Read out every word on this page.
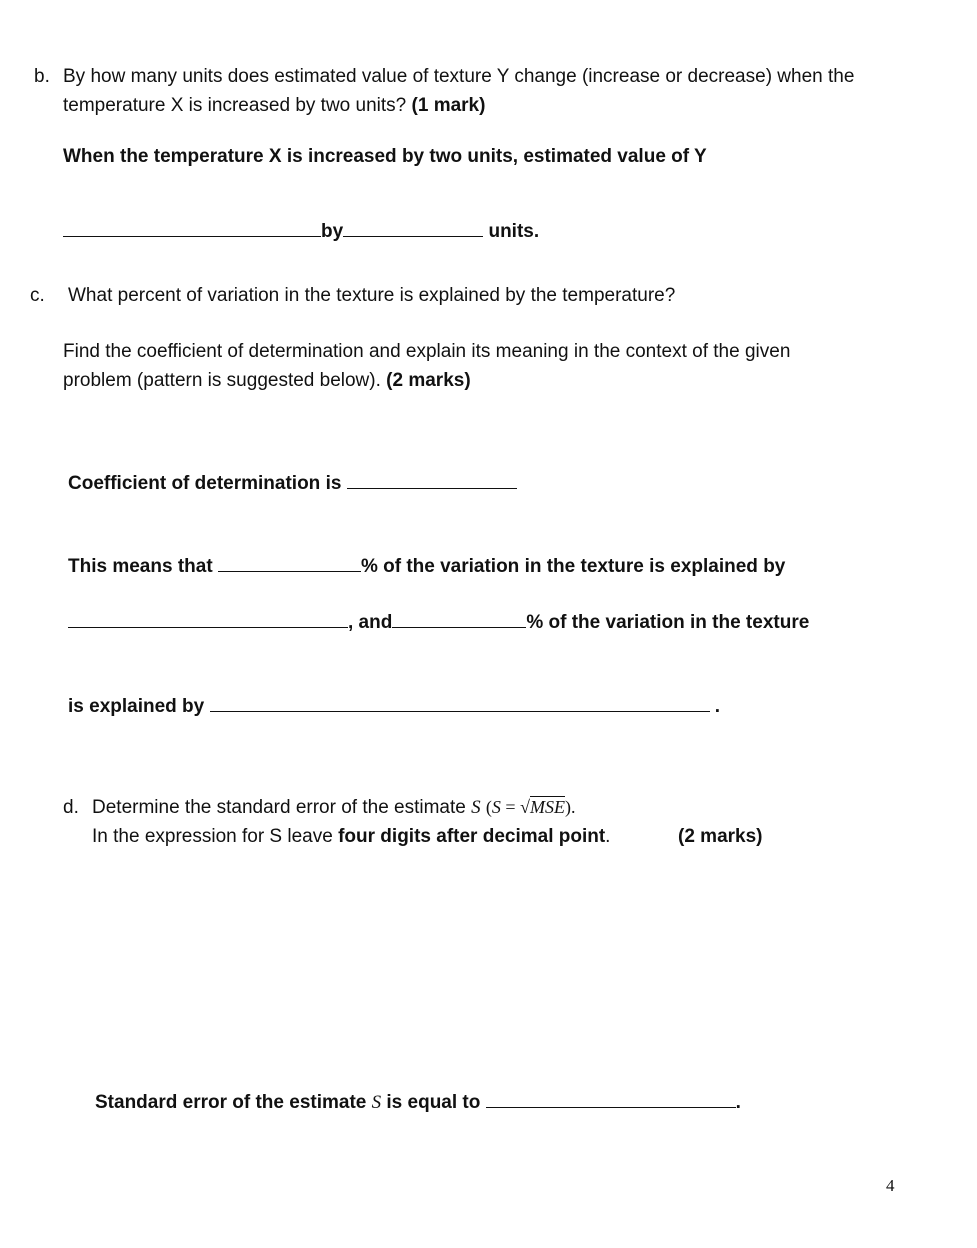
b. By how many units does estimated value of texture Y change (increase or decrease) when the
temperature X is increased by two units? (1 mark)
When the temperature X is increased by two units, estimated value of Y
by	units.
c. What percent of variation in the texture is explained by the temperature?
Find the coefficient of determination and explain its meaning in the context of the given
problem (pattern is suggested below). (2 marks)
Coefficient of determination is
This means that	% of the variation in the texture is explained by
, and	% of the variation in the texture
is explained by	.
d. Determine the standard error of the estimate S (S = √MSE).
In the expression for S leave four digits after decimal point.	(2 marks)
Standard error of the estimate S is equal to	.
4
